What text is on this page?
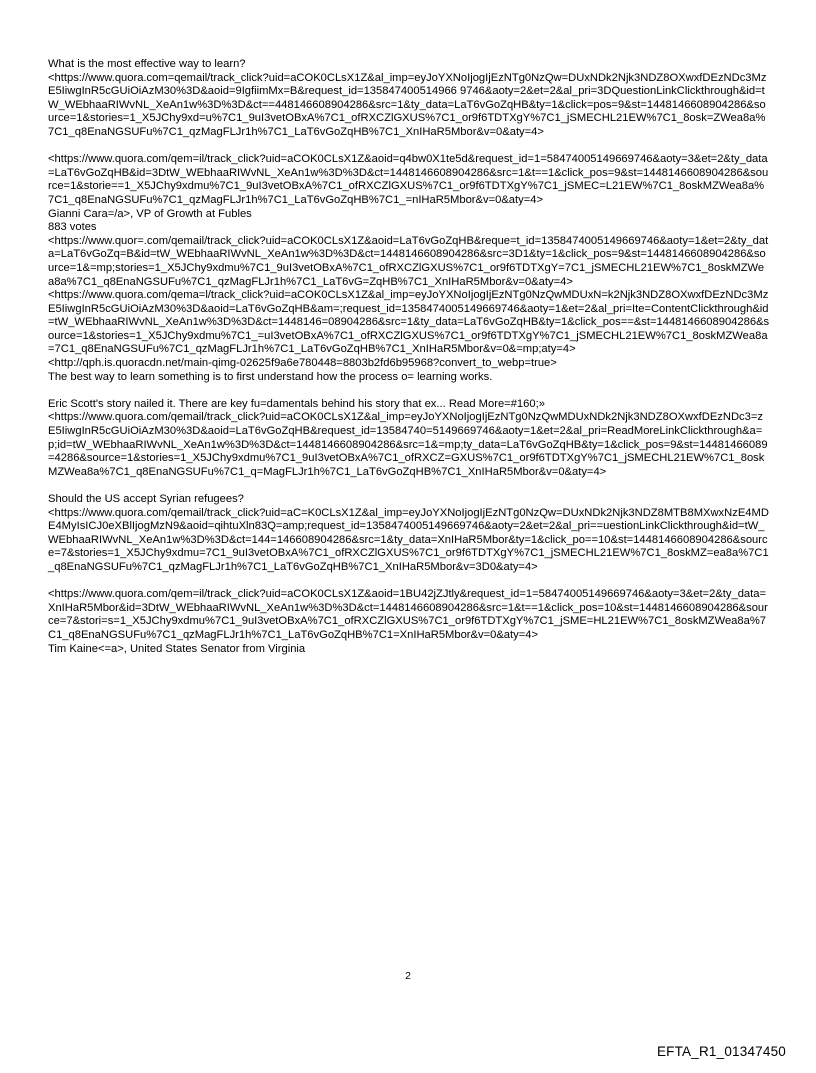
What is the most effective way to learn?

<https://www.quora.com=qemail/track_click?uid=aCOK0CLsX1Z&al_imp=eyJoYXNoIjogIjEzNTg0NzQw=DUxNDk2Njk3NDZ8OXwxfDEzNDc3MzE5IiwgInR5cGUiOiAzM30%3D&aoid=9IgfiimMx=B&request_id=135847400514966 9746&aoty=2&et=2&al_pri=3DQuestionLinkClickthrough&id=tW_WEbhaaRIWvNL_XeAn1w%3D%3D&ct==448146608904286&src=1&ty_data=LaT6vGoZqHB&ty=1&click=pos=9&st=1448146608904286&source=1&stories=1_X5JChy9xd=u%7C1_9uI3vetOBxA%7C1_ofRXCZlGXUS%7C1_or9f6TDTXgY%7C1_jSMECHL21EW%7C1_8osk=ZWea8a%7C1_q8EnaNGSUFu%7C1_qzMagFLJr1h%7C1_LaT6vGoZqHB%7C1_XnIHaR5Mbor&v=0&aty=4>

<https://www.quora.com/qem=il/track_click?uid=aCOK0CLsX1Z&aoid=q4bw0X1te5d&request_id=1=58474005149669746&aoty=3&et=2&ty_data=LaT6vGoZqHB&id=3DtW_WEbhaaRIWvNL_XeAn1w%3D%3D&ct=1448146608904286&src=1&t==1&click_pos=9&st=1448146608904286&source=1&storie==1_X5JChy9xdmu%7C1_9uI3vetOBxA%7C1_ofRXCZlGXUS%7C1_or9f6TDTXgY%7C1_jSMEC=L21EW%7C1_8oskMZWea8a%7C1_q8EnaNGSUFu%7C1_qzMagFLJr1h%7C1_LaT6vGoZqHB%7C1_=nIHaR5Mbor&v=0&aty=4>

Gianni Cara=/a>, VP of Growth at Fubles

883 votes

<https://www.quor=.com/qemail/track_click?uid=aCOK0CLsX1Z&aoid=LaT6vGoZqHB&reque=t_id=1358474005149669746&aoty=1&et=2&ty_data=LaT6vGoZq=B&id=tW_WEbhaaRIWvNL_XeAn1w%3D%3D&ct=1448146608904286&src=3D1&ty=1&click_pos=9&st=1448146608904286&source=1&=mp;stories=1_X5JChy9xdmu%7C1_9uI3vetOBxA%7C1_ofRXCZlGXUS%7C1_or9f6TDTXgY=7C1_jSMECHL21EW%7C1_8oskMZWea8a%7C1_q8EnaNGSUFu%7C1_qzMagFLJr1h%7C1_LaT6vG=ZqHB%7C1_XnIHaR5Mbor&v=0&aty=4>

<https://www.quora.com/qema=l/track_click?uid=aCOK0CLsX1Z&al_imp=eyJoYXNoIjogIjEzNTg0NzQwMDUxN=k2Njk3NDZ8OXwxfDEzNDc3MzE5IiwgInR5cGUiOiAzM30%3D&aoid=LaT6vGoZqHB&am=;request_id=1358474005149669746&aoty=1&et=2&al_pri=Ite=ContentClickthrough&id=tW_WEbhaaRIWvNL_XeAn1w%3D%3D&ct=1448146=08904286&src=1&ty_data=LaT6vGoZqHB&ty=1&click_pos==&st=1448146608904286&source=1&stories=1_X5JChy9xdmu%7C1_=uI3vetOBxA%7C1_ofRXCZlGXUS%7C1_or9f6TDTXgY%7C1_jSMECHL21EW%7C1_8oskMZWea8a=7C1_q8EnaNGSUFu%7C1_qzMagFLJr1h%7C1_LaT6vGoZqHB%7C1_XnIHaR5Mbor&v=0&=mp;aty=4>

<http://qph.is.quoracdn.net/main-qimg-02625f9a6e780448=8803b2fd6b95968?convert_to_webp=true>

The best way to learn something is to first understand how the process o= learning works.

Eric Scott's story nailed it. There are key fu=damentals behind his story that ex... Read More=#160;»

<https://www.quora.com/qemail/track_click?uid=aCOK0CLsX1Z&al_imp=eyJoYXNoIjogIjEzNTg0NzQwMDUxNDk2Njk3NDZ8OXwxfDEzNDc3=zE5IiwgInR5cGUiOiAzM30%3D&aoid=LaT6vGoZqHB&request_id=13584740=5149669746&aoty=1&et=2&al_pri=ReadMoreLinkClickthrough&a=p;id=tW_WEbhaaRIWvNL_XeAn1w%3D%3D&ct=1448146608904286&src=1&=mp;ty_data=LaT6vGoZqHB&ty=1&click_pos=9&st=14481466089=4286&source=1&stories=1_X5JChy9xdmu%7C1_9uI3vetOBxA%7C1_ofRXCZ=GXUS%7C1_or9f6TDTXgY%7C1_jSMECHL21EW%7C1_8oskMZWea8a%7C1_q8EnaNGSUFu%7C1_q=MagFLJr1h%7C1_LaT6vGoZqHB%7C1_XnIHaR5Mbor&v=0&aty=4>

Should the US accept Syrian refugees?

<https://www.quora.com/qemail/track_click?uid=aC=K0CLsX1Z&al_imp=eyJoYXNoIjogIjEzNTg0NzQw=DUxNDk2Njk3NDZ8MTB8MXwxNzE4MDE4MyIsICJ0eXBlIjogMzN9&aoid=qihtuXln83Q=amp;request_id=1358474005149669746&aoty=2&et=2&al_pri==uestionLinkClickthrough&id=tW_WEbhaaRIWvNL_XeAn1w%3D%3D&ct=144=146608904286&src=1&ty_data=XnIHaR5Mbor&ty=1&click_po==10&st=1448146608904286&source=7&stories=1_X5JChy9xdmu=7C1_9uI3vetOBxA%7C1_ofRXCZlGXUS%7C1_or9f6TDTXgY%7C1_jSMECHL21EW%7C1_8oskMZ=ea8a%7C1_q8EnaNGSUFu%7C1_qzMagFLJr1h%7C1_LaT6vGoZqHB%7C1_XnIHaR5Mbor&v=3D0&aty=4>

<https://www.quora.com/qem=il/track_click?uid=aCOK0CLsX1Z&aoid=1BU42jZJtly&request_id=1=58474005149669746&aoty=3&et=2&ty_data=XnIHaR5Mbor&id=3DtW_WEbhaaRIWvNL_XeAn1w%3D%3D&ct=1448146608904286&src=1&t==1&click_pos=10&st=1448146608904286&source=7&stori=s=1_X5JChy9xdmu%7C1_9uI3vetOBxA%7C1_ofRXCZlGXUS%7C1_or9f6TDTXgY%7C1_jSME=HL21EW%7C1_8oskMZWea8a%7C1_q8EnaNGSUFu%7C1_qzMagFLJr1h%7C1_LaT6vGoZqHB%7C1=XnIHaR5Mbor&v=0&aty=4>

Tim Kaine<=a>, United States Senator from Virginia

2
EFTA_R1_01347450
